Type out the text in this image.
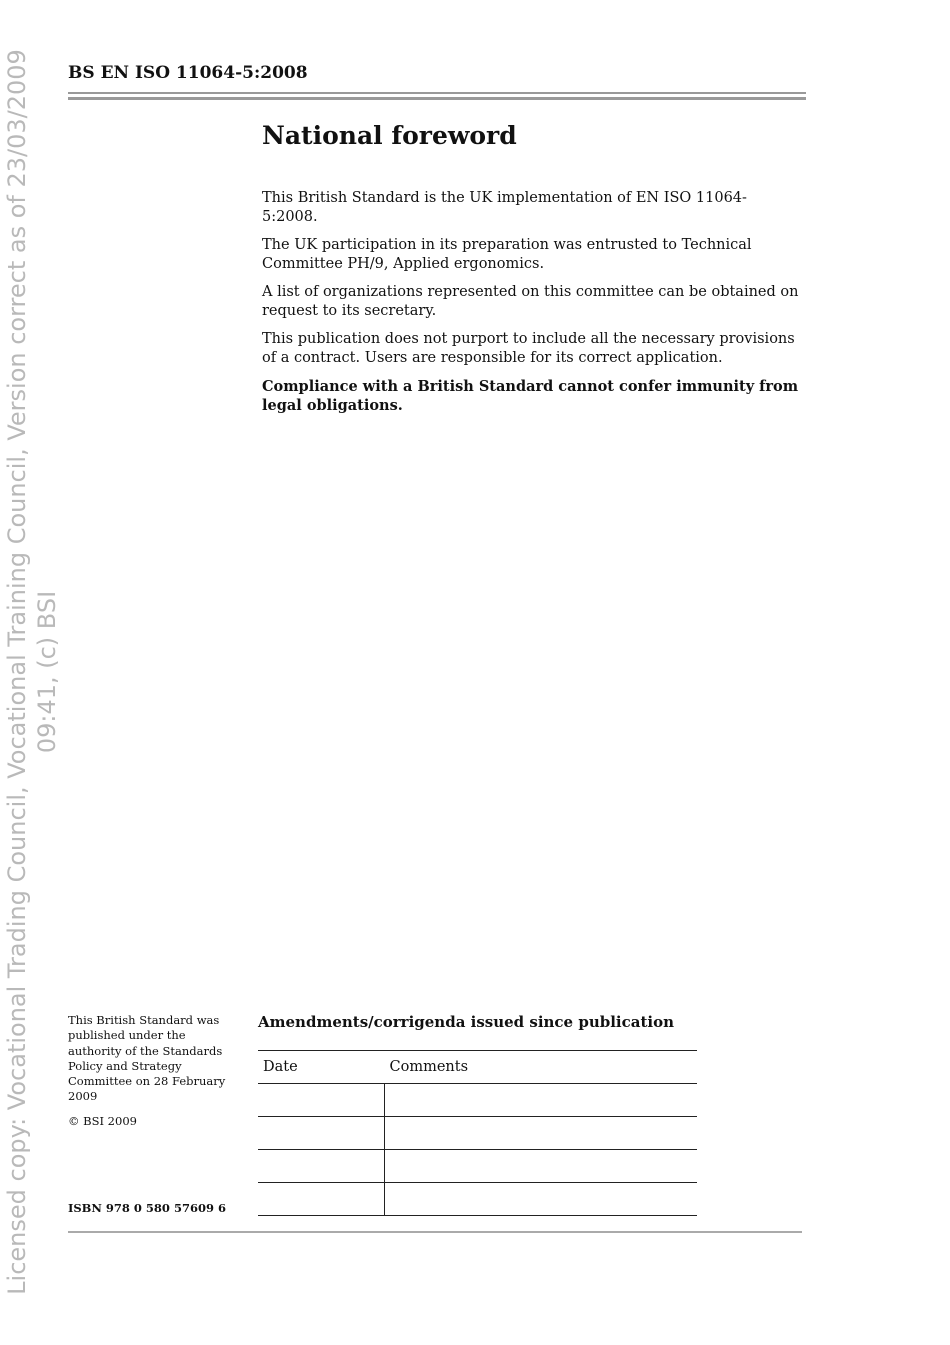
Licensed copy: Vocational Trading Council, Vocational Training Council, Version correct as of 23/03/2009 09:41, (c) BSI
BS EN ISO 11064-5:2008
National foreword

This British Standard is the UK implementation of EN ISO 11064-5:2008.

The UK participation in its preparation was entrusted to Technical Committee PH/9, Applied ergonomics.

A list of organizations represented on this committee can be obtained on request to its secretary.

This publication does not purport to include all the necessary provisions of a contract. Users are responsible for its correct application.

Compliance with a British Standard cannot confer immunity from legal obligations.

This British Standard was published under the authority of the Standards Policy and Strategy Committee on 28 February 2009

© BSI 2009

ISBN 978 0 580 57609 6
Amendments/corrigenda issued since publication
Date	Comments
